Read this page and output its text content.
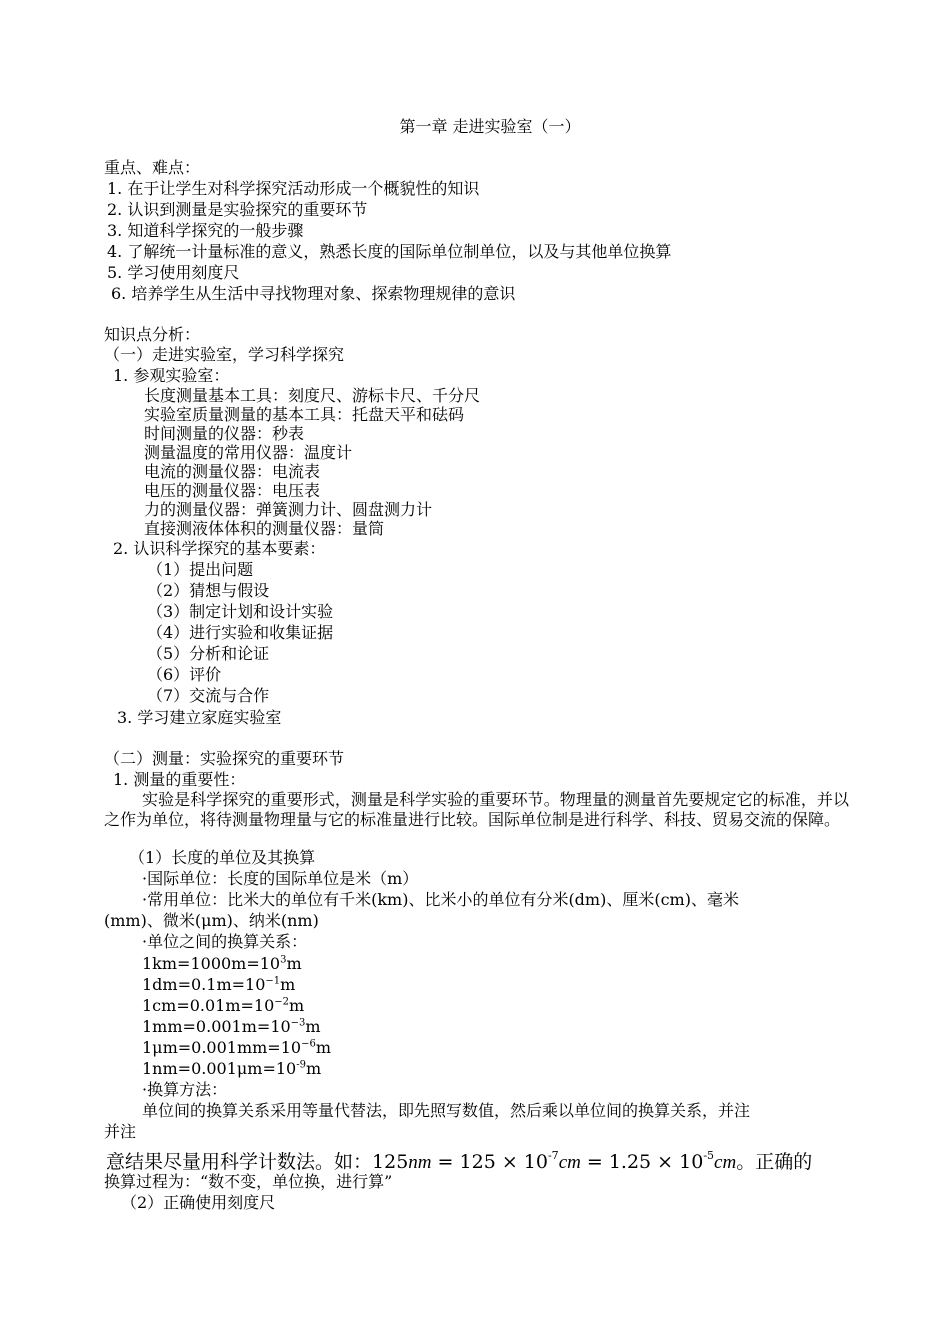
第一章 走进实验室（一）
重点、难点：
1. 在于让学生对科学探究活动形成一个概貌性的知识
2. 认识到测量是实验探究的重要环节
3. 知道科学探究的一般步骤
4. 了解统一计量标准的意义，熟悉长度的国际单位制单位，以及与其他单位换算
5. 学习使用刻度尺
6. 培养学生从生活中寻找物理对象、探索物理规律的意识
知识点分析：
（一）走进实验室，学习科学探究
1. 参观实验室：
长度测量基本工具：刻度尺、游标卡尺、千分尺
实验室质量测量的基本工具：托盘天平和砝码
时间测量的仪器：秒表
测量温度的常用仪器：温度计
电流的测量仪器：电流表
电压的测量仪器：电压表
力的测量仪器：弹簧测力计、圆盘测力计
直接测液体体积的测量仪器：量筒
2. 认识科学探究的基本要素：
（1）提出问题
（2）猜想与假设
（3）制定计划和设计实验
（4）进行实验和收集证据
（5）分析和论证
（6）评价
（7）交流与合作
3. 学习建立家庭实验室
（二）测量：实验探究的重要环节
1. 测量的重要性：
实验是科学探究的重要形式，测量是科学实验的重要环节。物理量的测量首先要规定它的标准，并以之作为单位，将待测量物理量与它的标准量进行比较。国际单位制是进行科学、科技、贸易交流的保障。
（1）长度的单位及其换算
·国际单位：长度的国际单位是米（m）
·常用单位：比米大的单位有千米(km)、比米小的单位有分米(dm)、厘米(cm)、毫米
(mm)、微米(μm)、纳米(nm)
·单位之间的换算关系：
$1km=1000m=10^3m$
$1dm=0.1m=10^{-1}m$
$1cm=0.01m=10^{-2}m$
$1mm=0.001m=10^{-3}m$
$1\mu m=0.001mm=10^{-6}m$
$1nm=0.001\mu m=10^{-9}m$
·换算方法：
单位间的换算关系采用等量代替法，即先照写数值，然后乘以单位间的换算关系，并注
并注
意结果尽量用科学计数法。如：$125nm = 125 \times 10^{-7}cm = 1.25 \times 10^{-5}cm$。正确的
换算过程为：“数不变，单位换，进行算”
（2）正确使用刻度尺
